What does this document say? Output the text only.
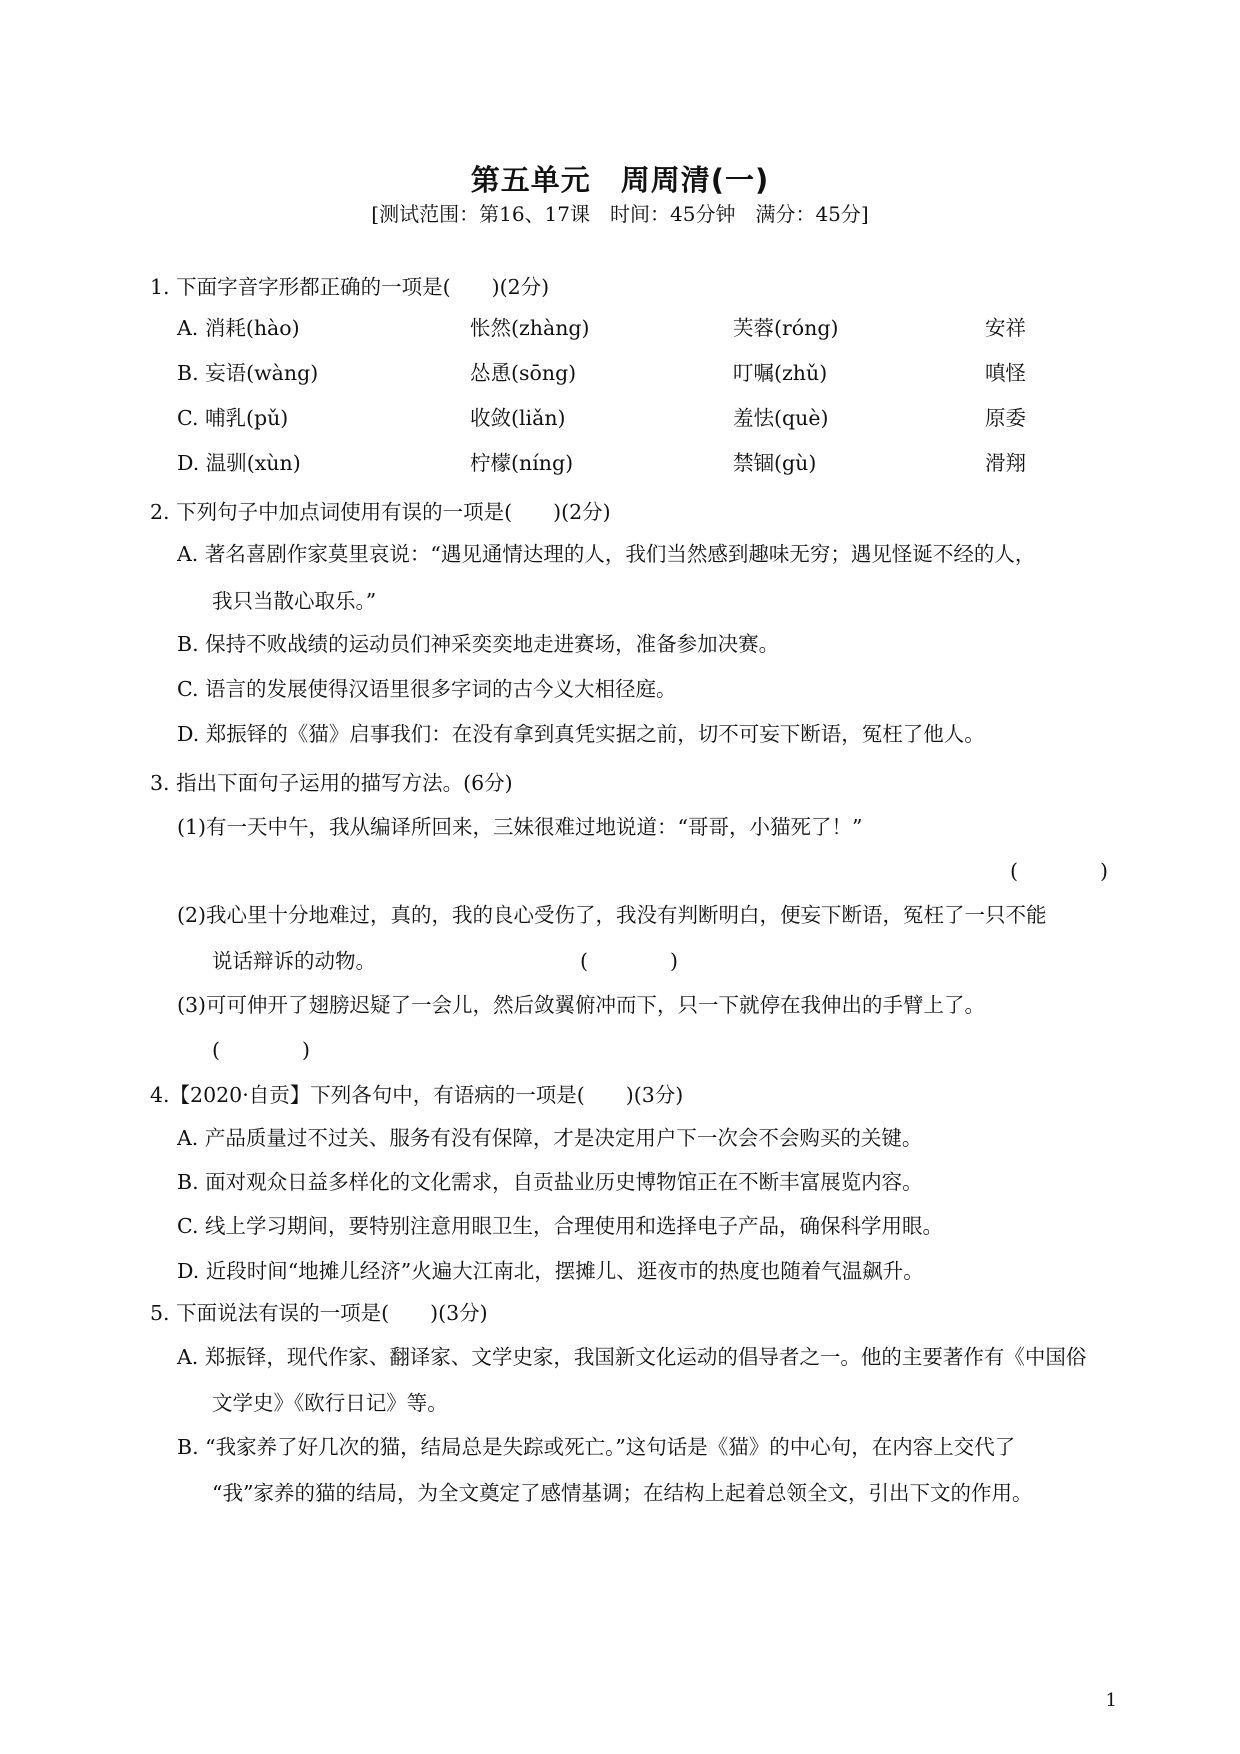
第五单元　周周清(一)
[测试范围：第16、17课　时间：45分钟　满分：45分]
1. 下面字音字形都正确的一项是(　　)(2分)
A. 消耗(hào)	怅然(zhàng)	芙蓉(róng)	安祥
B. 妄语(wàng)	怂恿(sōng)	叮嘱(zhǔ)	嗔怪
C. 哺乳(pǔ)	收敛(liǎn)	羞怯(què)	原委
D. 温驯(xùn)	柠檬(níng)	禁锢(gù)	滑翔
2. 下列句子中加点词使用有误的一项是(　　)(2分)
A. 著名喜剧作家莫里哀说：“遇见通情达理的人，我们当然感到趣味无穷；遇见怪诞不经的人，
我只当散心取乐。”
B. 保持不败战绩的运动员们神采奕奕地走进赛场，准备参加决赛。
C. 语言的发展使得汉语里很多字词的古今义大相径庭。
D. 郑振铎的《猫》启事我们：在没有拿到真凭实据之前，切不可妄下断语，冤枉了他人。
3. 指出下面句子运用的描写方法。(6分)
(1)有一天中午，我从编译所回来，三妹很难过地说道：“哥哥，小猫死了！”
(　　　　)
(2)我心里十分地难过，真的，我的良心受伤了，我没有判断明白，便妄下断语，冤枉了一只不能
说话辩诉的动物。	(　　　　)
(3)可可伸开了翅膀迟疑了一会儿，然后敛翼俯冲而下，只一下就停在我伸出的手臂上了。
(　　　　)
4.【2020·自贡】下列各句中，有语病的一项是(　　)(3分)
A. 产品质量过不过关、服务有没有保障，才是决定用户下一次会不会购买的关键。
B. 面对观众日益多样化的文化需求，自贡盐业历史博物馆正在不断丰富展览内容。
C. 线上学习期间，要特别注意用眼卫生，合理使用和选择电子产品，确保科学用眼。
D. 近段时间“地摊儿经济”火遍大江南北，摆摊儿、逛夜市的热度也随着气温飙升。
5. 下面说法有误的一项是(　　)(3分)
A. 郑振铎，现代作家、翻译家、文学史家，我国新文化运动的倡导者之一。他的主要著作有《中国俗
文学史》《欧行日记》等。
B. “我家养了好几次的猫，结局总是失踪或死亡。”这句话是《猫》的中心句，在内容上交代了
“我”家养的猫的结局，为全文奠定了感情基调；在结构上起着总领全文，引出下文的作用。
1
